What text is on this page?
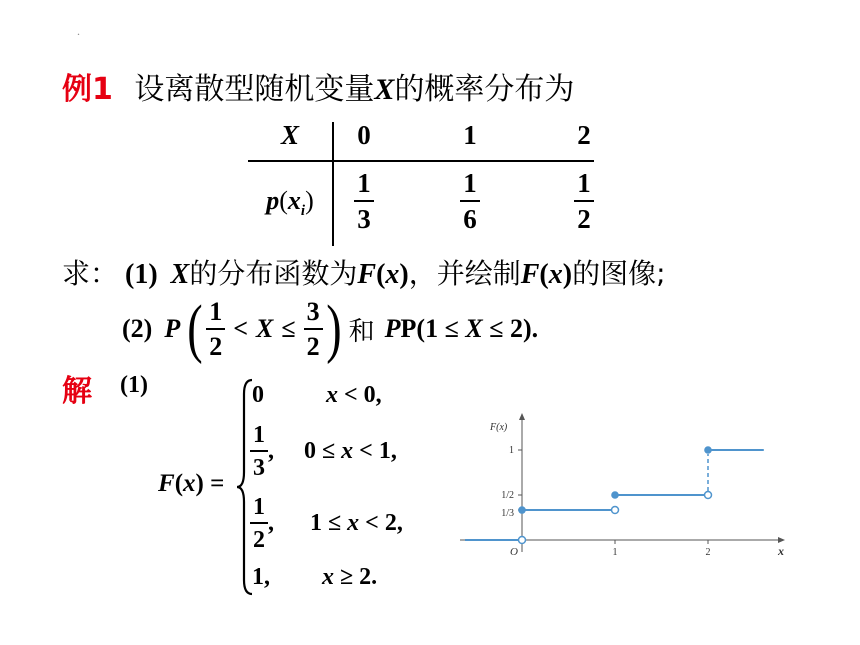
.
例1 设离散型随机变量X的概率分布为
X	0	1	2
$p(x_i)$	$\frac{1}{3}$	$\frac{1}{6}$	$\frac{1}{2}$
求： (1) X的分布函数为F(x)，并绘制F(x)的图像;
(2) P ( $\frac{1}{2} < X \le \frac{3}{2}$ ) 和 PP(1 ≤ X ≤ 2).
解 (1)
F(x) =
0	x < 0,
$\frac{1}{3}$ , 0 ≤ x < 1,
$\frac{1}{2}$ , 1 ≤ x < 2,
1, x ≥ 2.
1
1/2
1/3
1	2
O	x
F(x)
